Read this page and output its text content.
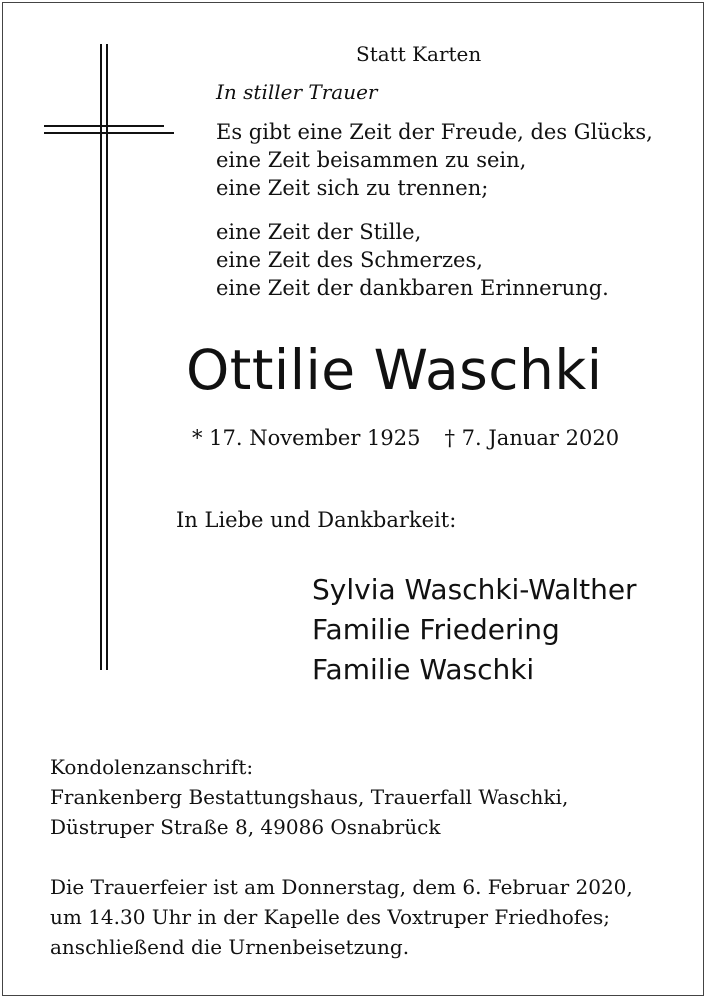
Statt Karten

In stiller Trauer

Es gibt eine Zeit der Freude, des Glücks,
eine Zeit beisammen zu sein,
eine Zeit sich zu trennen;
eine Zeit der Stille,
eine Zeit des Schmerzes,
eine Zeit der dankbaren Erinnerung.

Ottilie Waschki

* 17. November 1925 † 7. Januar 2020

In Liebe und Dankbarkeit:

Sylvia Waschki-Walther
Familie Friedering
Familie Waschki
Kondolenzanschrift:
Frankenberg Bestattungshaus, Trauerfall Waschki,
Düstruper Straße 8, 49086 Osnabrück
Die Trauerfeier ist am Donnerstag, dem 6. Februar 2020,
um 14.30 Uhr in der Kapelle des Voxtruper Friedhofes;
anschließend die Urnenbeisetzung.
